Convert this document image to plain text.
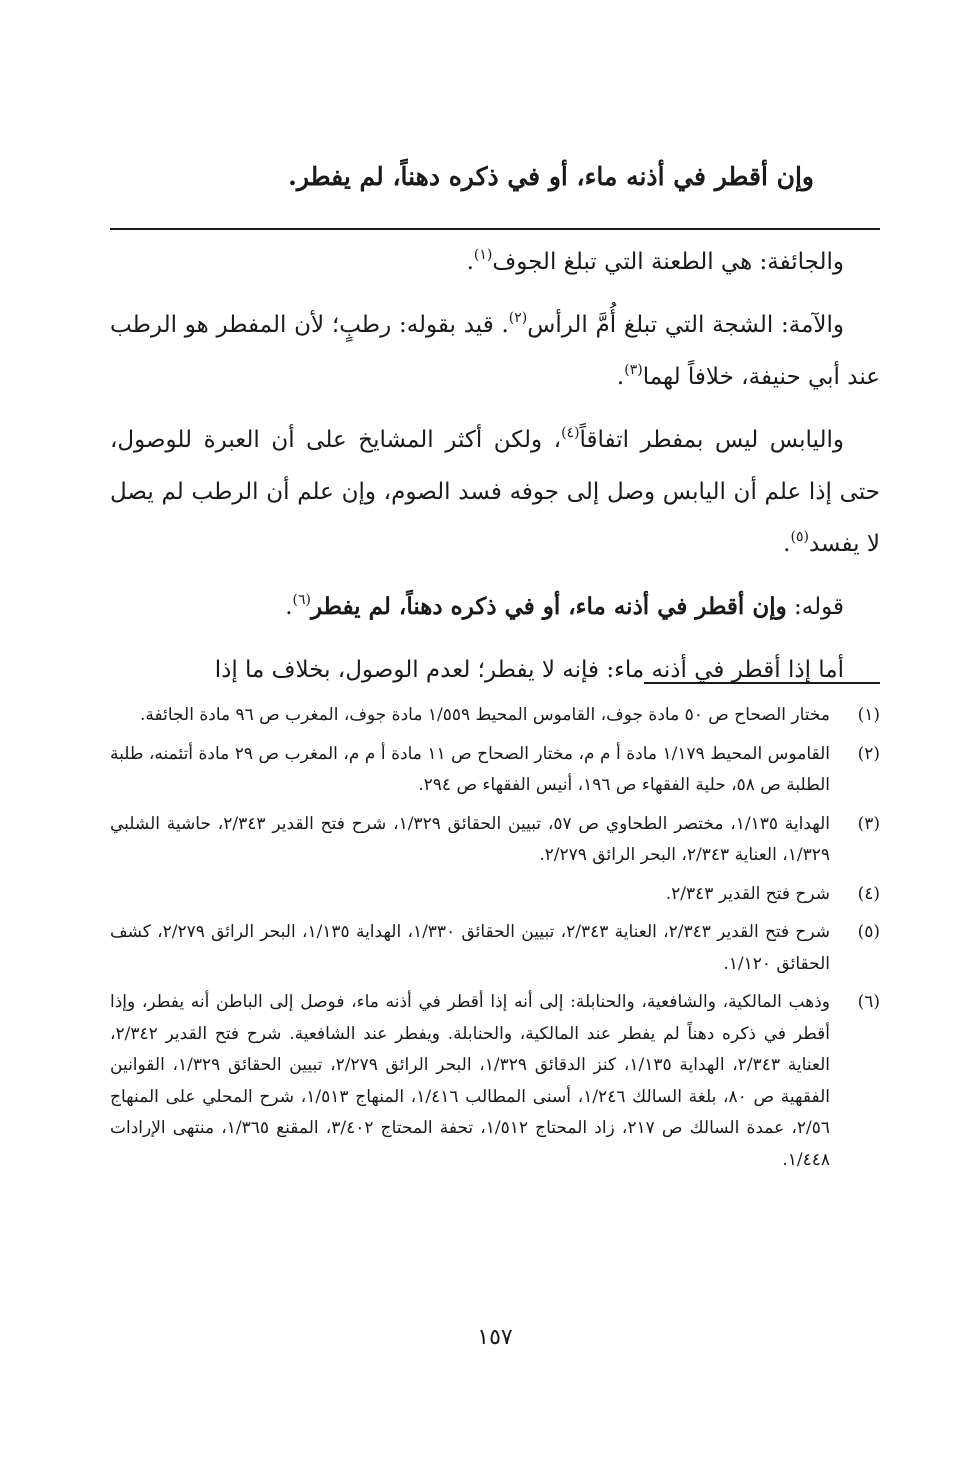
وإن أقطر في أذنه ماء، أو في ذكره دهناً، لم يفطر.

والجائفة: هي الطعنة التي تبلغ الجوف$^{(١)}$.

والآمة: الشجة التي تبلغ أُمَّ الرأس$^{(٢)}$. قيد بقوله: رطبٍ؛ لأن المفطر هو الرطب عند أبي حنيفة، خلافاً لهما$^{(٣)}$.

واليابس ليس بمفطر اتفاقاً$^{(٤)}$، ولكن أكثر المشايخ على أن العبرة للوصول، حتى إذا علم أن اليابس وصل إلى جوفه فسد الصوم، وإن علم أن الرطب لم يصل لا يفسد$^{(٥)}$.

قوله: وإن أقطر في أذنه ماء، أو في ذكره دهناً، لم يفطر$^{(٦)}$.

أما إذا أقطر في أذنه ماء: فإنه لا يفطر؛ لعدم الوصول، بخلاف ما إذا

(١)
مختار الصحاح ص ٥٠ مادة جوف، القاموس المحيط ١/٥٥٩ مادة جوف، المغرب ص ٩٦ مادة الجائفة.
(٢)
القاموس المحيط ١/١٧٩ مادة أ م م، مختار الصحاح ص ١١ مادة أ م م، المغرب ص ٢٩ مادة أتئمنه، طلبة الطلبة ص ٥٨، حلية الفقهاء ص ١٩٦، أنيس الفقهاء ص ٢٩٤.
(٣)
الهداية ١/١٣٥، مختصر الطحاوي ص ٥٧، تبيين الحقائق ١/٣٢٩، شرح فتح القدير ٢/٣٤٣، حاشية الشلبي ١/٣٢٩، العناية ٢/٣٤٣، البحر الرائق ٢/٢٧٩.
(٤)
شرح فتح القدير ٢/٣٤٣.
(٥)
شرح فتح القدير ٢/٣٤٣، العناية ٢/٣٤٣، تبيين الحقائق ١/٣٣٠، الهداية ١/١٣٥، البحر الرائق ٢/٢٧٩، كشف الحقائق ١/١٢٠.
(٦)
وذهب المالكية، والشافعية، والحنابلة: إلى أنه إذا أقطر في أذنه ماء، فوصل إلى الباطن أنه يفطر، وإذا أقطر في ذكره دهناً لم يفطر عند المالكية، والحنابلة. ويفطر عند الشافعية. شرح فتح القدير ٢/٣٤٢، العناية ٢/٣٤٣، الهداية ١/١٣٥، كنز الدقائق ١/٣٢٩، البحر الرائق ٢/٢٧٩، تبيين الحقائق ١/٣٢٩، القوانين الفقهية ص ٨٠، بلغة السالك ١/٢٤٦، أسنى المطالب ١/٤١٦، المنهاج ١/٥١٣، شرح المحلي على المنهاج ٢/٥٦، عمدة السالك ص ٢١٧، زاد المحتاج ١/٥١٢، تحفة المحتاج ٣/٤٠٢، المقنع ١/٣٦٥، منتهى الإرادات ١/٤٤٨.
١٥٧
